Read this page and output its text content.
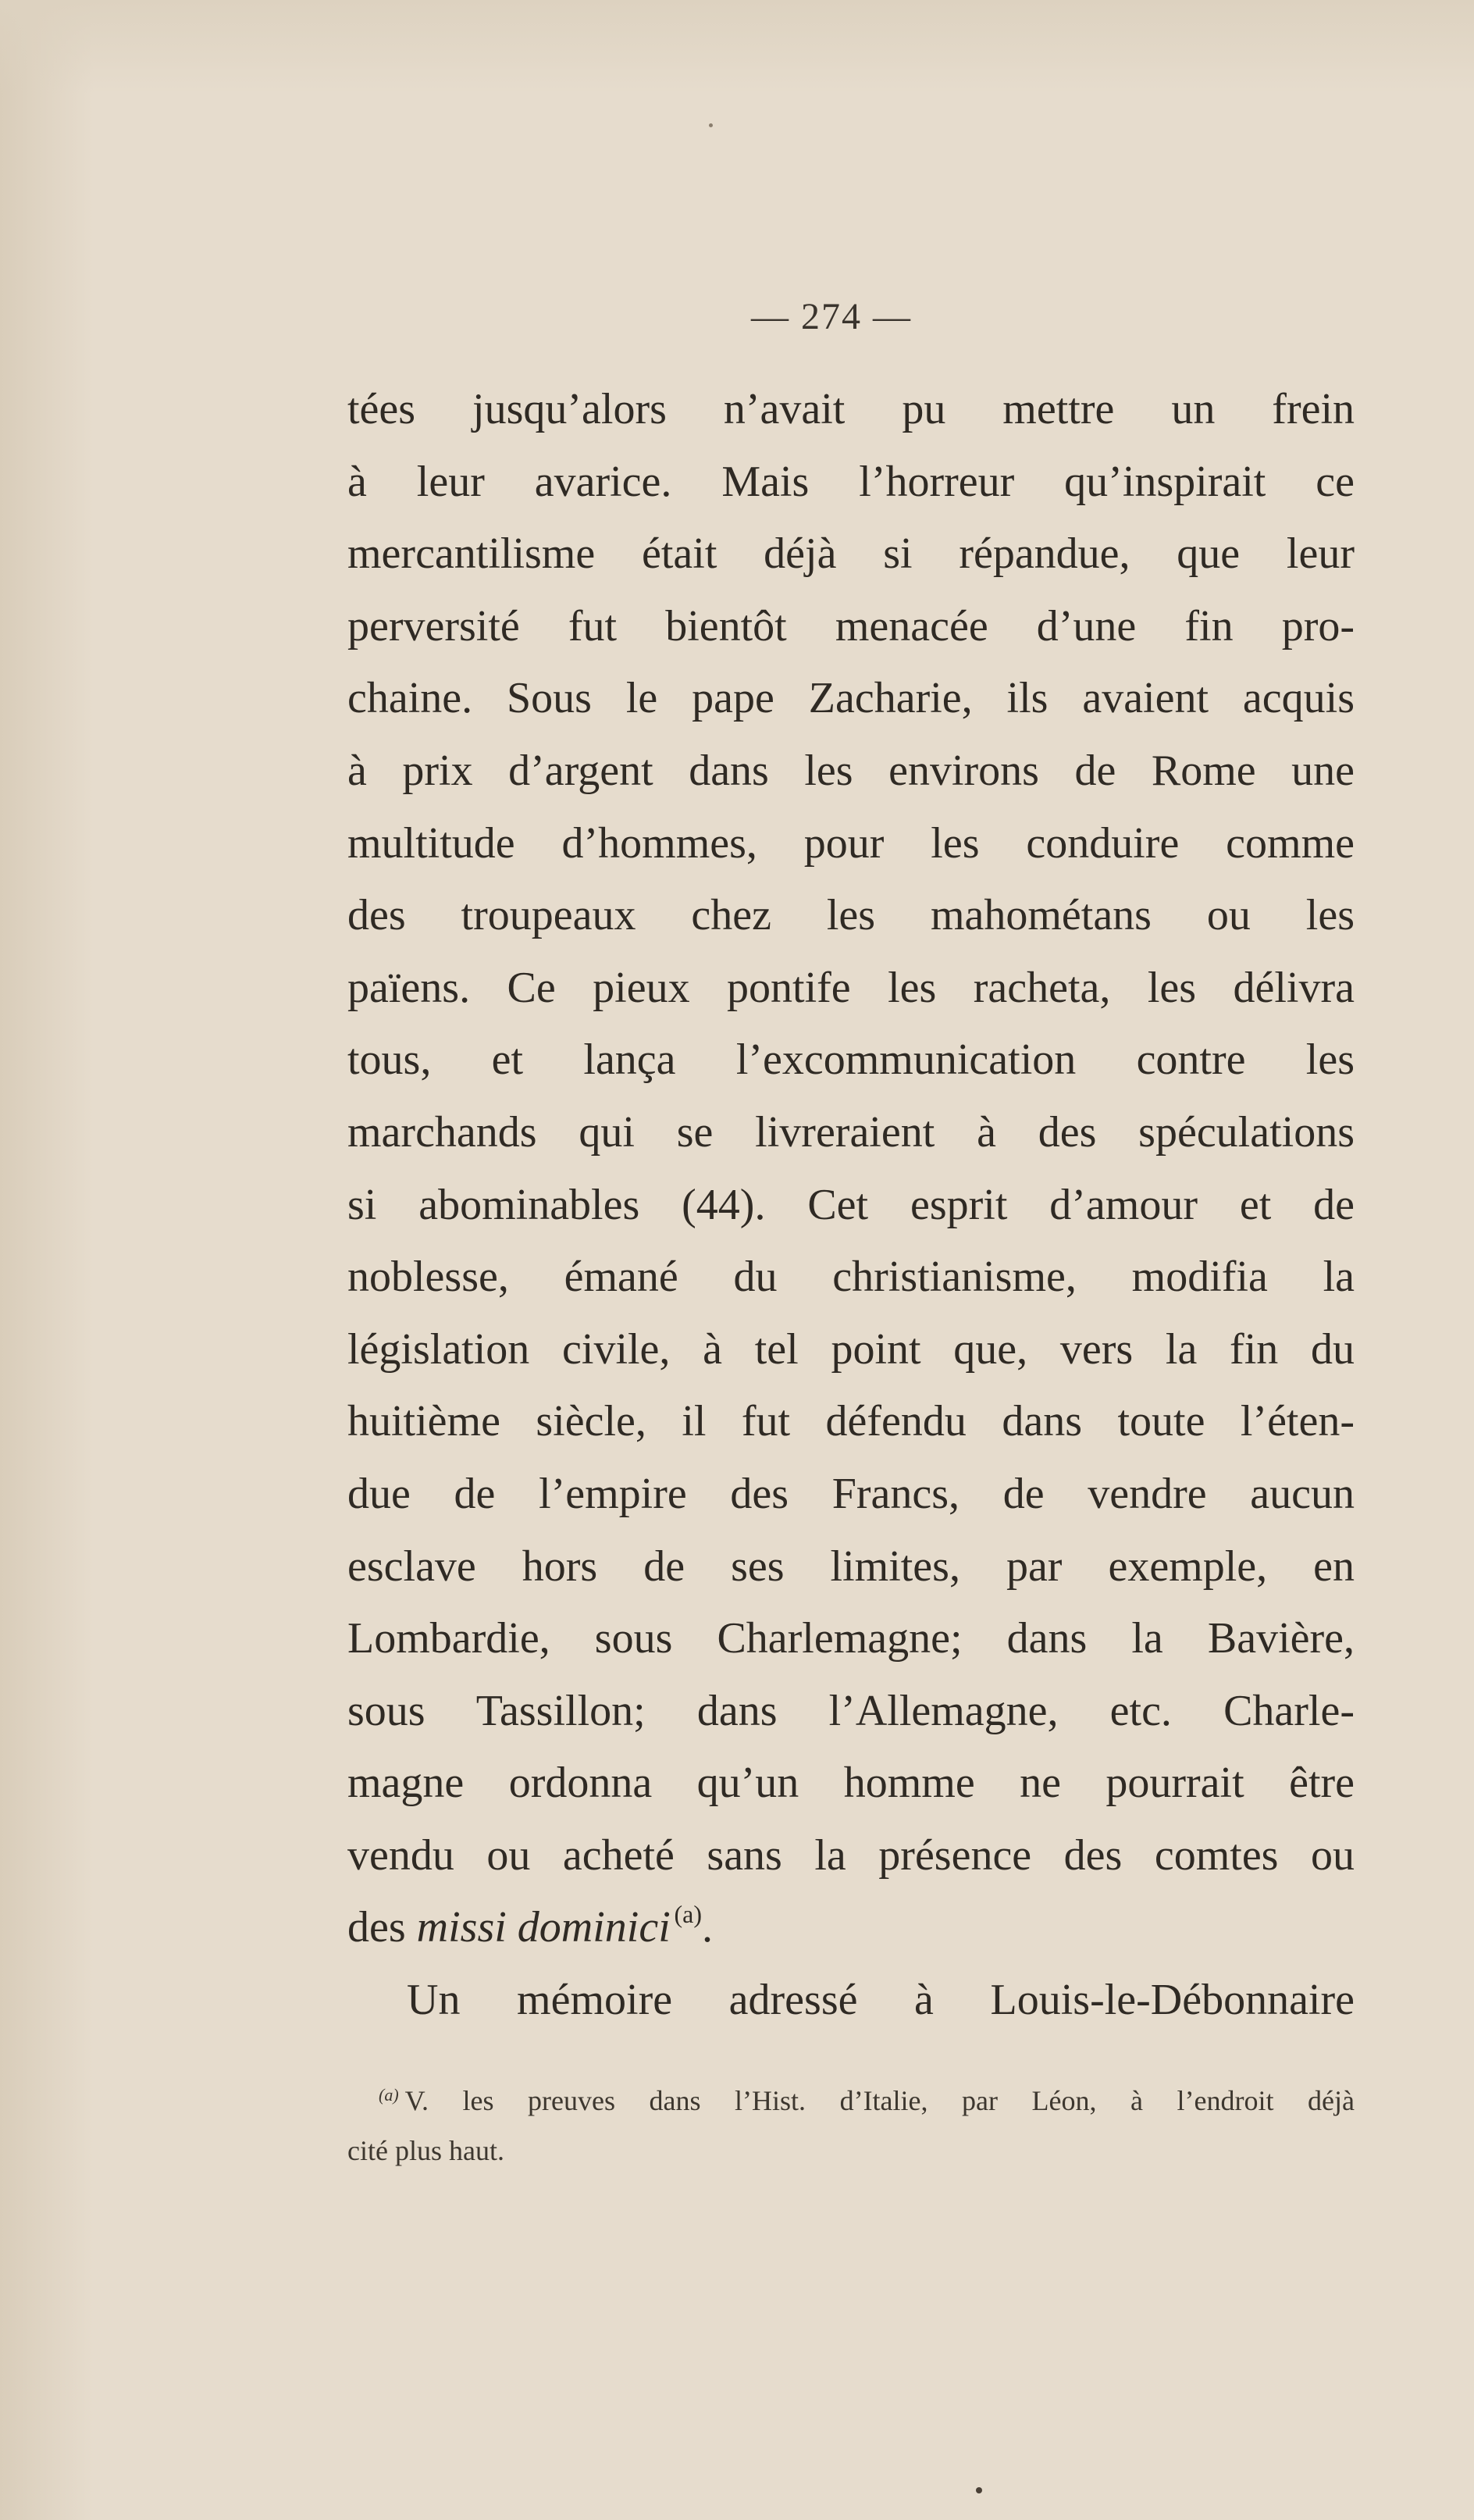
— 274 —
tées jusqu’alors n’avait pu mettre un frein
à leur avarice. Mais l’horreur qu’inspirait ce
mercantilisme était déjà si répandue, que leur
perversité fut bientôt menacée d’une fin pro-
chaine. Sous le pape Zacharie, ils avaient acquis
à prix d’argent dans les environs de Rome une
multitude d’hommes, pour les conduire comme
des troupeaux chez les mahométans ou les
païens. Ce pieux pontife les racheta, les délivra
tous, et lança l’excommunication contre les
marchands qui se livreraient à des spéculations
si abominables (44). Cet esprit d’amour et de
noblesse, émané du christianisme, modifia la
législation civile, à tel point que, vers la fin du
huitième siècle, il fut défendu dans toute l’éten-
due de l’empire des Francs, de vendre aucun
esclave hors de ses limites, par exemple, en
Lombardie, sous Charlemagne; dans la Bavière,
sous Tassillon; dans l’Allemagne, etc. Charle-
magne ordonna qu’un homme ne pourrait être
vendu ou acheté sans la présence des comtes ou
des missi dominici  $^{(a)}$.
Un mémoire adressé à Louis-le-Débonnaire
$^{(a)}$ V. les preuves dans l’Hist. d’Italie, par Léon, à l’endroit déjà
cité plus haut.
